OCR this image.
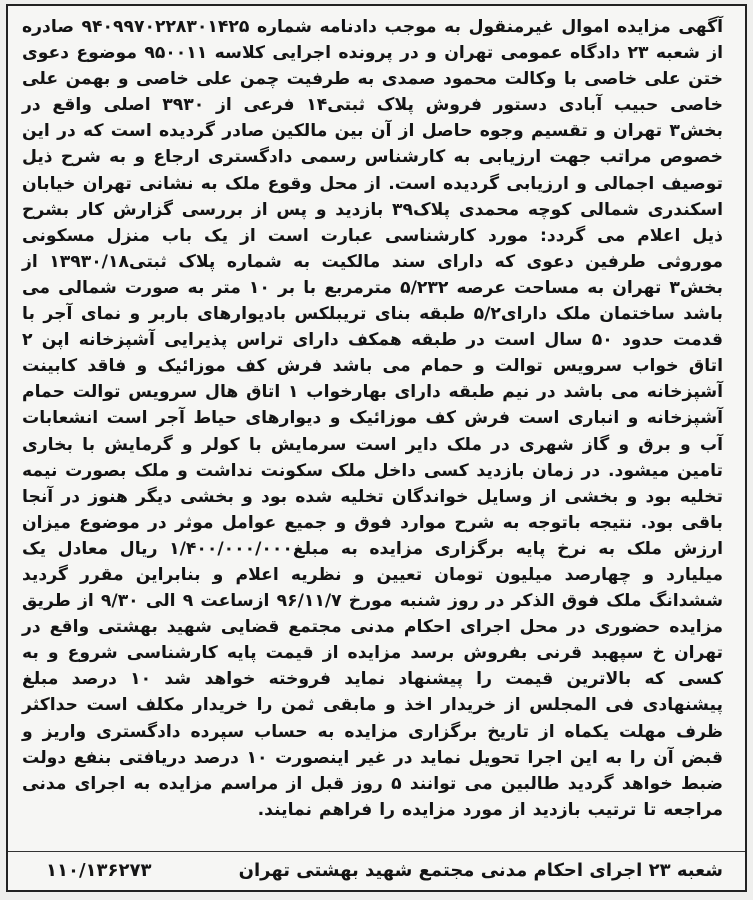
آگهی مزایده اموال غیرمنقول به موجب دادنامه شماره ۹۴۰۹۹۷۰۲۲۸۳۰۱۴۲۵ صادره از شعبه ۲۳ دادگاه عمومی تهران و در پرونده اجرایی کلاسه ۹۵۰۰۱۱ موضوع دعوی ختن علی خاصی با وکالت محمود صمدی به طرفیت چمن علی خاصی و بهمن علی خاصی حبیب آبادی دستور فروش پلاک ثبتی۱۴ فرعی از ۳۹۳۰ اصلی واقع در بخش۳ تهران و تقسیم وجوه حاصل از آن بین مالکین صادر گردیده است که در این خصوص مراتب جهت ارزیابی به کارشناس رسمی دادگستری ارجاع و به شرح ذیل توصیف اجمالی و ارزیابی گردیده است. از محل وقوع ملک به نشانی تهران خیابان اسکندری شمالی کوچه محمدی پلاک۳۹ بازدید و پس از بررسی گزارش کار بشرح ذیل اعلام می گردد: مورد کارشناسی عبارت است از یک باب منزل مسکونی موروثی طرفین دعوی که دارای سند مالکیت به شماره پلاک ثبتی۱۳۹۳۰/۱۸ از بخش۳ تهران به مساحت عرصه ۵/۲۳۲ مترمربع با بر ۱۰ متر به صورت شمالی می باشد ساختمان ملک دارای۵/۲ طبقه بنای تریبلکس بادیوارهای باربر و نمای آجر با قدمت حدود ۵۰ سال است در طبقه همکف دارای تراس پذیرایی آشپزخانه اپن ۲ اتاق خواب سرویس توالت و حمام می باشد فرش کف موزائیک و فاقد کابینت آشپزخانه می باشد در نیم طبقه دارای بهارخواب ۱ اتاق هال سرویس توالت حمام آشپزخانه و انباری است فرش کف موزائیک و دیوارهای حیاط آجر است انشعابات آب و برق و گاز شهری در ملک دایر است سرمایش با کولر و گرمایش با بخاری تامین میشود. در زمان بازدید کسی داخل ملک سکونت نداشت و ملک بصورت نیمه تخلیه بود و بخشی از وسایل خواندگان تخلیه شده بود و بخشی دیگر هنوز در آنجا باقی بود. نتیجه باتوجه به شرح موارد فوق و جمیع عوامل موثر در موضوع میزان ارزش ملک به نرخ پایه برگزاری مزایده به مبلغ۱/۴۰۰/۰۰۰/۰۰۰ ریال معادل یک میلیارد و چهارصد میلیون تومان تعیین و نظریه اعلام و بنابراین مقرر گردید ششدانگ ملک فوق الذکر در روز شنبه مورخ ۹۶/۱۱/۷ ازساعت ۹ الی ۹/۳۰ از طریق مزایده حضوری در محل اجرای احکام مدنی مجتمع قضایی شهید بهشتی واقع در تهران خ سپهبد قرنی بفروش برسد مزایده از قیمت پایه کارشناسی شروع و به کسی که بالاترین قیمت را پیشنهاد نماید فروخته خواهد شد ۱۰ درصد مبلغ پیشنهادی فی المجلس از خریدار اخذ و مابقی ثمن را خریدار مکلف است حداکثر ظرف مهلت یکماه از تاریخ برگزاری مزایده به حساب سپرده دادگستری واریز و قبض آن را به این اجرا تحویل نماید در غیر اینصورت ۱۰ درصد دریافتی بنفع دولت ضبط خواهد گردید طالبین می توانند ۵ روز قبل از مراسم مزایده به اجرای مدنی مراجعه تا ترتیب بازدید از مورد مزایده را فراهم نمایند.
شعبه ۲۳ اجرای احکام مدنی مجتمع شهید بهشتی تهران
۱۱۰/۱۳۶۲۷۳
